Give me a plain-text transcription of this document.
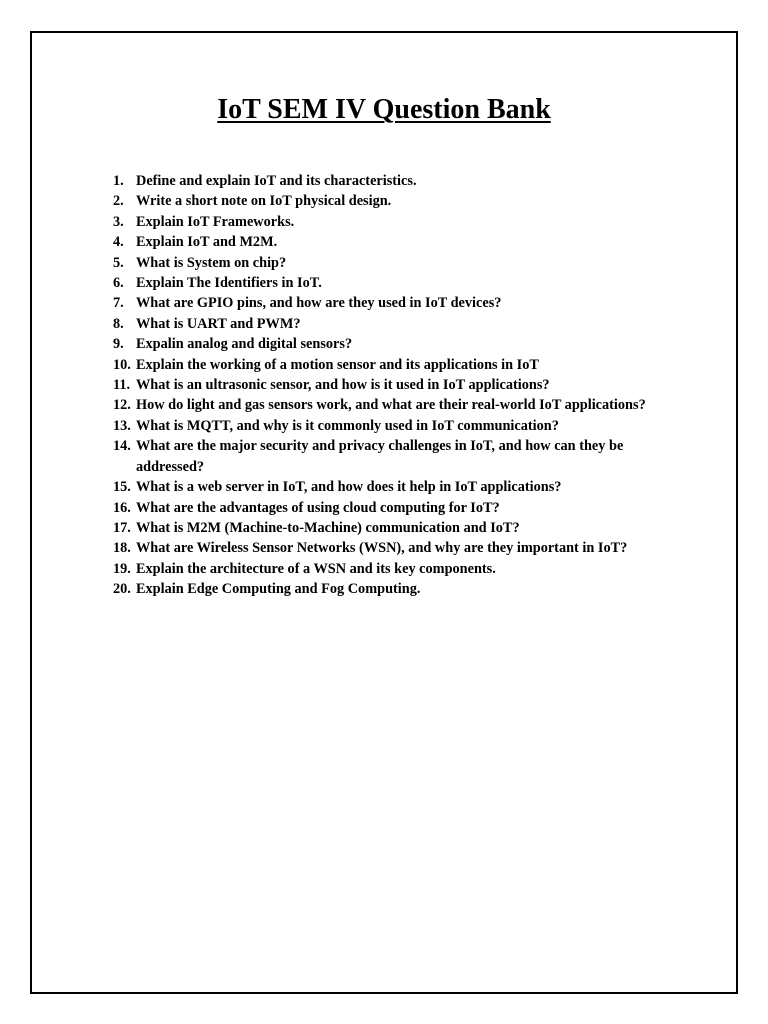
IoT SEM IV Question Bank
1. Define and explain IoT and its characteristics.
2. Write a short note on IoT physical design.
3. Explain IoT Frameworks.
4. Explain IoT and M2M.
5. What is System on chip?
6. Explain The Identifiers in IoT.
7. What are GPIO pins, and how are they used in IoT devices?
8. What is UART and PWM?
9. Expalin analog and digital sensors?
10. Explain the working of a motion sensor and its applications in IoT
11. What is an ultrasonic sensor, and how is it used in IoT applications?
12. How do light and gas sensors work, and what are their real-world IoT applications?
13. What is MQTT, and why is it commonly used in IoT communication?
14. What are the major security and privacy challenges in IoT, and how can they be addressed?
15. What is a web server in IoT, and how does it help in IoT applications?
16. What are the advantages of using cloud computing for IoT?
17. What is M2M (Machine-to-Machine) communication and IoT?
18. What are Wireless Sensor Networks (WSN), and why are they important in IoT?
19. Explain the architecture of a WSN and its key components.
20. Explain Edge Computing and Fog Computing.
